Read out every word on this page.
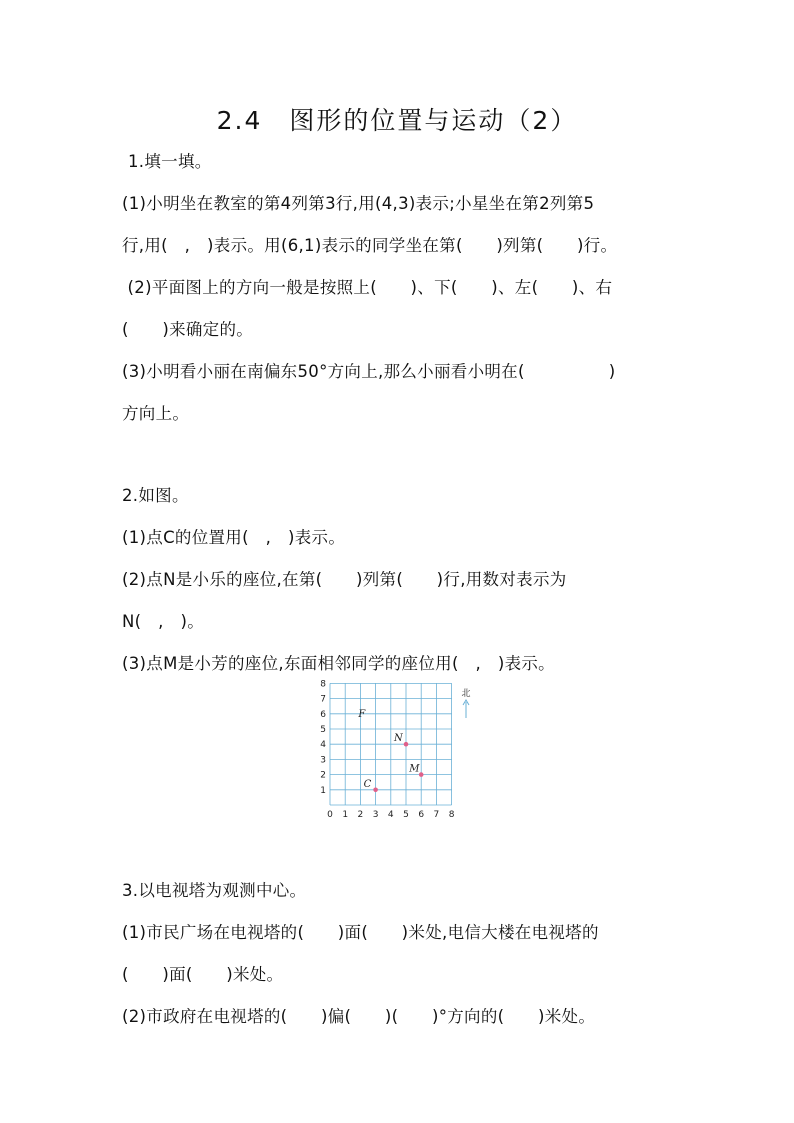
2.4　图形的位置与运动（2）
1.填一填。
(1)小明坐在教室的第4列第3行,用(4,3)表示;小星坐在第2列第5
行,用(　,　)表示。用(6,1)表示的同学坐在第(　　)列第(　　)行。
(2)平面图上的方向一般是按照上(　　)、下(　　)、左(　　)、右
(　　)来确定的。
(3)小明看小丽在南偏东50°方向上,那么小丽看小明在(　　　　　)
方向上。
2.如图。
(1)点C的位置用(　,　)表示。
(2)点N是小乐的座位,在第(　　)列第(　　)行,用数对表示为
N(　,　)。
(3)点M是小芳的座位,东面相邻同学的座位用(　,　)表示。
0 1 2 3 4 5 6 7 8
1
2
3
4
5
6
7
8
F
N
M
C
北
3.以电视塔为观测中心。
(1)市民广场在电视塔的(　　)面(　　)米处,电信大楼在电视塔的
(　　)面(　　)米处。
(2)市政府在电视塔的(　　)偏(　　)(　　)°方向的(　　)米处。
